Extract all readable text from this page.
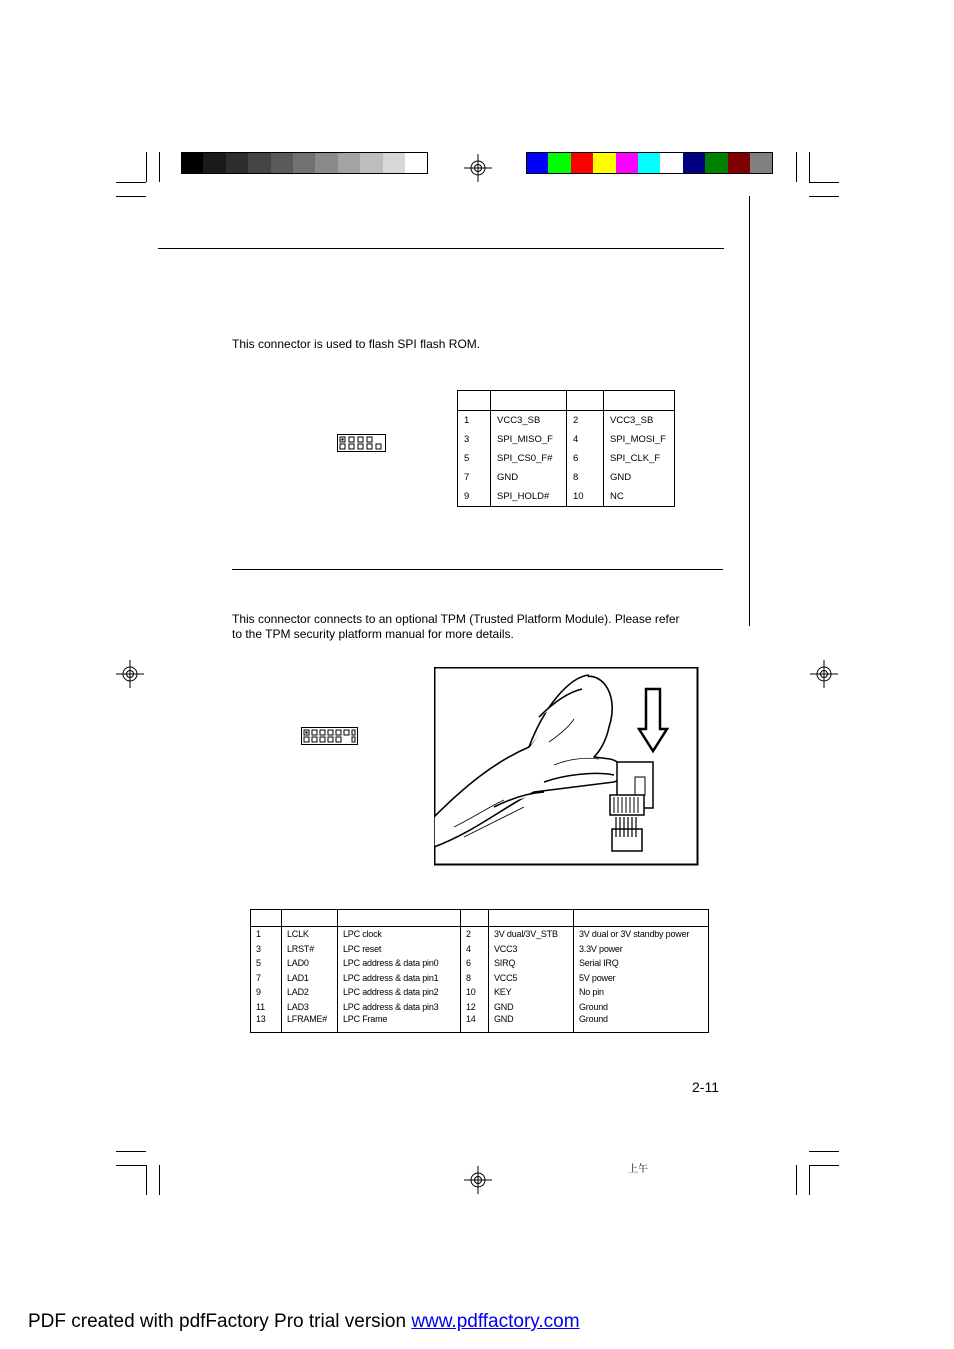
This connector is used to flash SPI flash ROM.

1	VCC3_SB	2	VCC3_SB
3	SPI_MISO_F	4	SPI_MOSI_F
5	SPI_CS0_F#	6	SPI_CLK_F
7	GND	8	GND
9	SPI_HOLD#	10	NC
This connector connects to an optional TPM (Trusted Platform Module). Please refer
to the TPM security platform manual for more details.

1	LCLK	LPC clock	2	3V dual/3V_STB	3V dual or 3V standby power
3	LRST#	LPC reset	4	VCC3	3.3V power
5	LAD0	LPC address & data pin0	6	SIRQ	Serial IRQ
7	LAD1	LPC address & data pin1	8	VCC5	5V power
9	LAD2	LPC address & data pin2	10	KEY	No pin
11	LAD3	LPC address & data pin3	12	GND	Ground
13	LFRAME#	LPC Frame	14	GND	Ground
2-11
上午
PDF created with pdfFactory Pro trial version www.pdffactory.com
